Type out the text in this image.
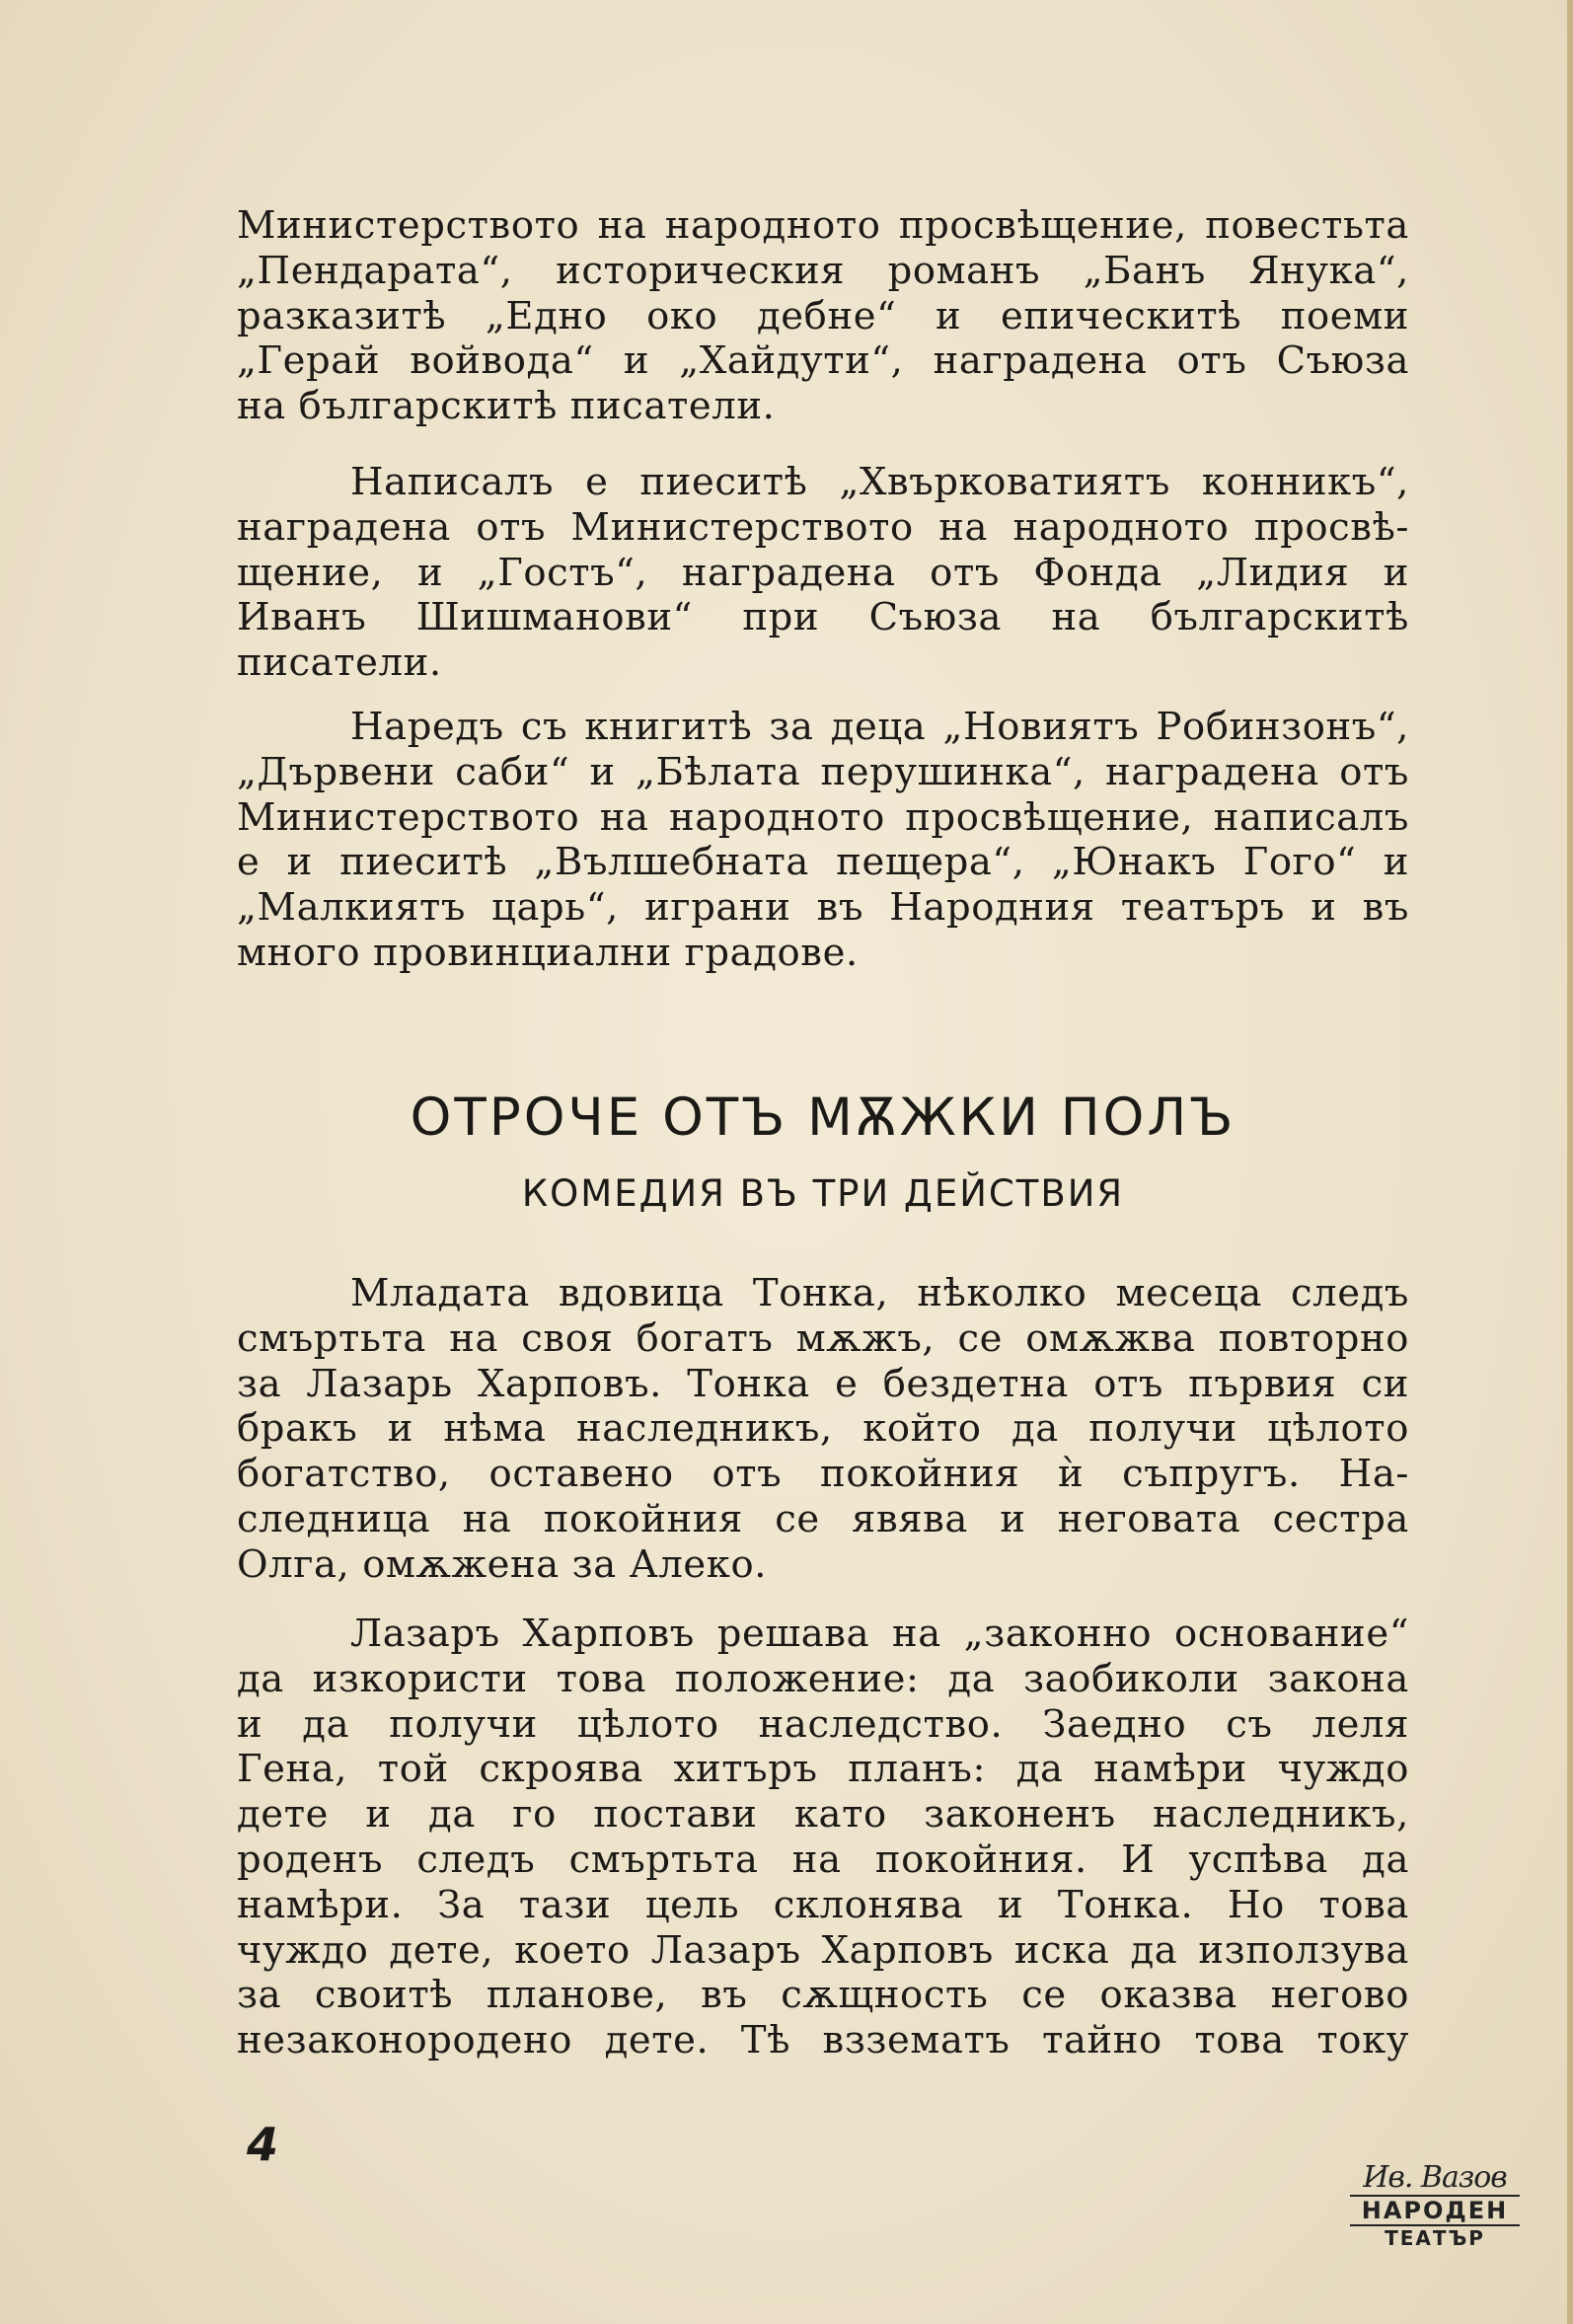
Министерството на народното просвѣщение, повестьта
„Пендарата“, историческия романъ „Банъ Янука“,
разказитѣ „Едно око дебне“ и епическитѣ поеми
„Герай войвода“ и „Хайдути“, наградена отъ Съюза
на българскитѣ писатели.
Написалъ е пиеситѣ „Хвърковатиятъ конникъ“,
наградена отъ Министерството на народното просвѣ-
щение, и „Гостъ“, наградена отъ Фонда „Лидия и
Иванъ Шишманови“ при Съюза на българскитѣ
писатели.
Наредъ съ книгитѣ за деца „Новиятъ Робинзонъ“,
„Дървени саби“ и „Бѣлата перушинка“, наградена отъ
Министерството на народното просвѣщение, написалъ
е и пиеситѣ „Вълшебната пещера“, „Юнакъ Гого“ и
„Малкиятъ царь“, играни въ Народния театъръ и въ
много провинциални градове.
ОТРОЧЕ ОТЪ МѪЖКИ ПОЛЪ
КОМЕДИЯ ВЪ ТРИ ДЕЙСТВИЯ
Младата вдовица Тонка, нѣколко месеца следъ
смъртьта на своя богатъ мѫжъ, се омѫжва повторно
за Лазарь Харповъ. Тонка е бездетна отъ първия си
бракъ и нѣма наследникъ, който да получи цѣлото
богатство, оставено отъ покойния ѝ съпругъ. На-
следница на покойния се явява и неговата сестра
Олга, омѫжена за Алеко.
Лазаръ Харповъ решава на „законно основание“
да изкористи това положение: да заобиколи закона
и да получи цѣлото наследство. Заедно съ леля
Гена, той скроява хитъръ планъ: да намѣри чуждо
дете и да го постави като законенъ наследникъ,
роденъ следъ смъртьта на покойния. И успѣва да
намѣри. За тази цель склонява и Тонка. Но това
чуждо дете, което Лазаръ Харповъ иска да използува
за своитѣ планове, въ сѫщность се оказва негово
незаконородено дете. Тѣ вззематъ тайно това току
4
Ив. Вазов
НАРОДЕН
ТЕАТЪР
